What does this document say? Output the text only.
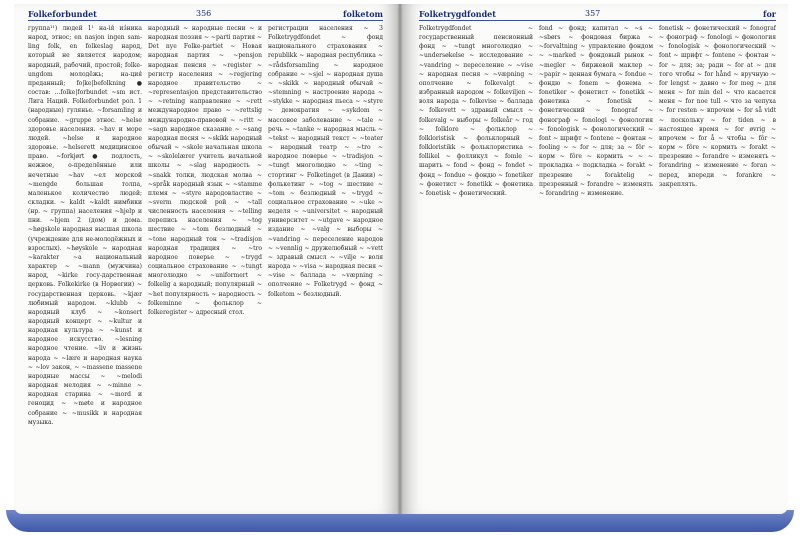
Folkeforbundet	356	folketom

группа¹¹) людей 1¹ на-ія́ из́ника народ, этнос; en nasjon ingen sam-ling folk, en folkeslag народ, который не является народом; народный, рабочий, простой; folke-ungdom молодёжь; на-ция́ преданный; fo|ke|befolkning ● состав: ...folke|forbundet ~sm ист. Лига Наций. Folkeforbundet рол. 1 (народные) гулянье. ~forsamling и собрание. ~gruppe этнос. ~helse здоровье населения. ~hav и море людей. ~helse и народное здоровье. ~helserett медицинское право. ~forkjørt ● подлость, нежное, о-пределённые или нечетные ~hav ~ел морской ~mengde большая толпа, маленькое количество людей; складки. ~ kaldt ~kaldt нимбики (нр. ~ группа) населения ~hjelp и пни. ~hjem 2 (дом) и дома. ~høgskole народная высшая школа (учреждение для не-молодёжных и взрослых). ~høyskole ~ народная ~karakter ~a национальный характер ~ ~mann (мужчина) народ, ~kirke госу-дарственная церковь. Folkekirke (в Норвегии) ~ государственная церковь. ~kjær любимый народом. ~klubb ~ народный клуб ~ ~konsert народный концерт ~ ~kultur и народная культура ~ ~kunst и народное искусство. ~lesning народное чтение. ~liv и жизнь народа ~ ~lære и народная наука ~ ~lov закон, ~ ~massene massene народные массы ~ ~melodi народная мелодия ~ ~minne ~ народная старина ~ ~mord и геноцид ~ ~møte и народное собрание ~ ~musikk и народная музыка.

народный ~ народные песни ~ и народная поэзия ~ ~parti партия ~ Det nye Folke-partiet ~ Новая народная партия ~ ~pensjon народная пенсия ~ ~register ~ регистр населения ~ ~regjering народное правительство ~ ~representasjon представительство ~ ~retning направление ~ ~rett международное право ~ ~rettslig международно-правовой ~ ~ritt ~ ~sagn народное сказание ~ ~sang народная песня ~ ~skikk народный обычай ~ ~skole начальная школа ~ ~skolelærer учитель начальной школы ~ ~slag народность ~ ~snakk толки, людская молва ~ ~språk народный язык ~ ~stamme племя ~ ~styre народовластие ~ ~sverm людской рой ~ ~tall численность населения ~ ~telling перепись населения ~ ~tog шествие ~ ~tom безлюдный ~ ~tone народный тон ~ ~tradisjon народная традиция ~ ~tro народное поверье ~ ~trygd социальное страхование ~ ~tungt многолюдно ~ ~uniformert ~ folkelig а народный; популярный ~ ~het популярность ~ народность ~ folkeminne ~ фольклор ~ folkeregister ~ адресный стол.

регистрации населения ~ 3 Folketrygdfondet ~ фонд национального страхования ~ republikk ~ народная республика ~ ~rådsforsamling ~ народное собрание ~ ~sjel ~ народная душа ~ ~skikk ~ народный обычай ~ ~stemning ~ настроение народа ~ ~stykke ~ народная пьеса ~ ~styre ~ демократия ~ ~sykdom ~ массовое заболевание ~ ~tale ~ речь ~ ~tanke ~ народная мысль ~ ~tekst ~ народный текст ~ ~teater ~ народный театр ~ ~tro ~ народное поверье ~ ~tradisjon ~ ~tungt многолюдно ~ ~ting ~ стортинг ~ Folketinget (в Дании) ~ фолькетинг ~ ~tog ~ шествие ~ ~tom ~ безлюдный ~ ~trygd ~ социальное страхование ~ ~uke ~ неделя ~ ~universitet ~ народный университет ~ ~utgave ~ народное издание ~ ~valg ~ выборы ~ ~vandring ~ переселение народов ~ ~vennlig ~ дружелюбный ~ ~vett ~ здравый смысл ~ ~vilje ~ воля народа ~ ~visa ~ народная песня ~ ~vise ~ баллада ~ ~væpning ~ ополчение ~ Folketrygd ~ фонд ~ folketom ~ безлюдный.

Folketrygdfondet	357	for

Folketrygdfondet ~ государственный пенсионный фонд ~ ~tungt многолюдно ~ ~undersøkelse ~ исследование ~ ~vandring ~ переселение ~ ~vise ~ народная песня ~ ~væpning ~ ополчение ~ folkevalgt ~ избранный народом ~ folkeviljen ~ воля народа ~ folkevise ~ баллада ~ folkevett ~ здравый смысл ~ folkevalg ~ выборы ~ folkeår ~ год ~ folklore ~ фольклор ~ folkloristisk ~ фольклорный ~ folkloristikk ~ фольклористика ~ follikel ~ фолликул ~ fomle ~ шарить ~ fond ~ фонд ~ fondet ~ фонд ~ fondue ~ фондю ~ fonetiker ~ фонетист ~ fonetikk ~ фонетика ~ fonetisk ~ фонетический.

fond ~ фонд; капитал ~ ~s ~ ~sbørs ~ фондовая биржа ~ ~forvaltning ~ управление фондом ~ ~marked ~ фондовый рынок ~ ~megler ~ биржевой маклер ~ ~papir ~ ценная бумага ~ fondue ~ фондю ~ fonem ~ фонема ~ fonetiker ~ фонетист ~ fonetikk ~ фонетика ~ fonetisk ~ фонетический ~ fonograf ~ фонограф ~ fonologi ~ фонология ~ fonologisk ~ фонологический ~ font ~ шрифт ~ fontene ~ фонтан ~ fooling ~ ~ for ~ для; за ~ fôr ~ корм ~ fôre ~ кормить ~ ~ ~ прокладка ~ подкладка ~ forakt ~ презрение ~ foraktelig ~ презренный ~ forandre ~ изменять ~ forandring ~ изменение.

fonetisk ~ фонетический ~ fonograf ~ фонограф ~ fonologi ~ фонология ~ fonologisk ~ фонологический ~ font ~ шрифт ~ fontene ~ фонтан ~ for ~ для; за; ради ~ for at ~ для того чтобы ~ for hånd ~ вручную ~ for lengst ~ давно ~ for meg ~ для меня ~ for min del ~ что касается меня ~ for noe tull ~ что за чепуха ~ for resten ~ впрочем ~ for så vidt ~ поскольку ~ for tiden ~ в настоящее время ~ for øvrig ~ впрочем ~ for å ~ чтобы ~ fôr ~ корм ~ fôre ~ кормить ~ forakt ~ презрение ~ forandre ~ изменять ~ forandring ~ изменение ~ foran ~ перед, впереди ~ forankre ~ закреплять.
